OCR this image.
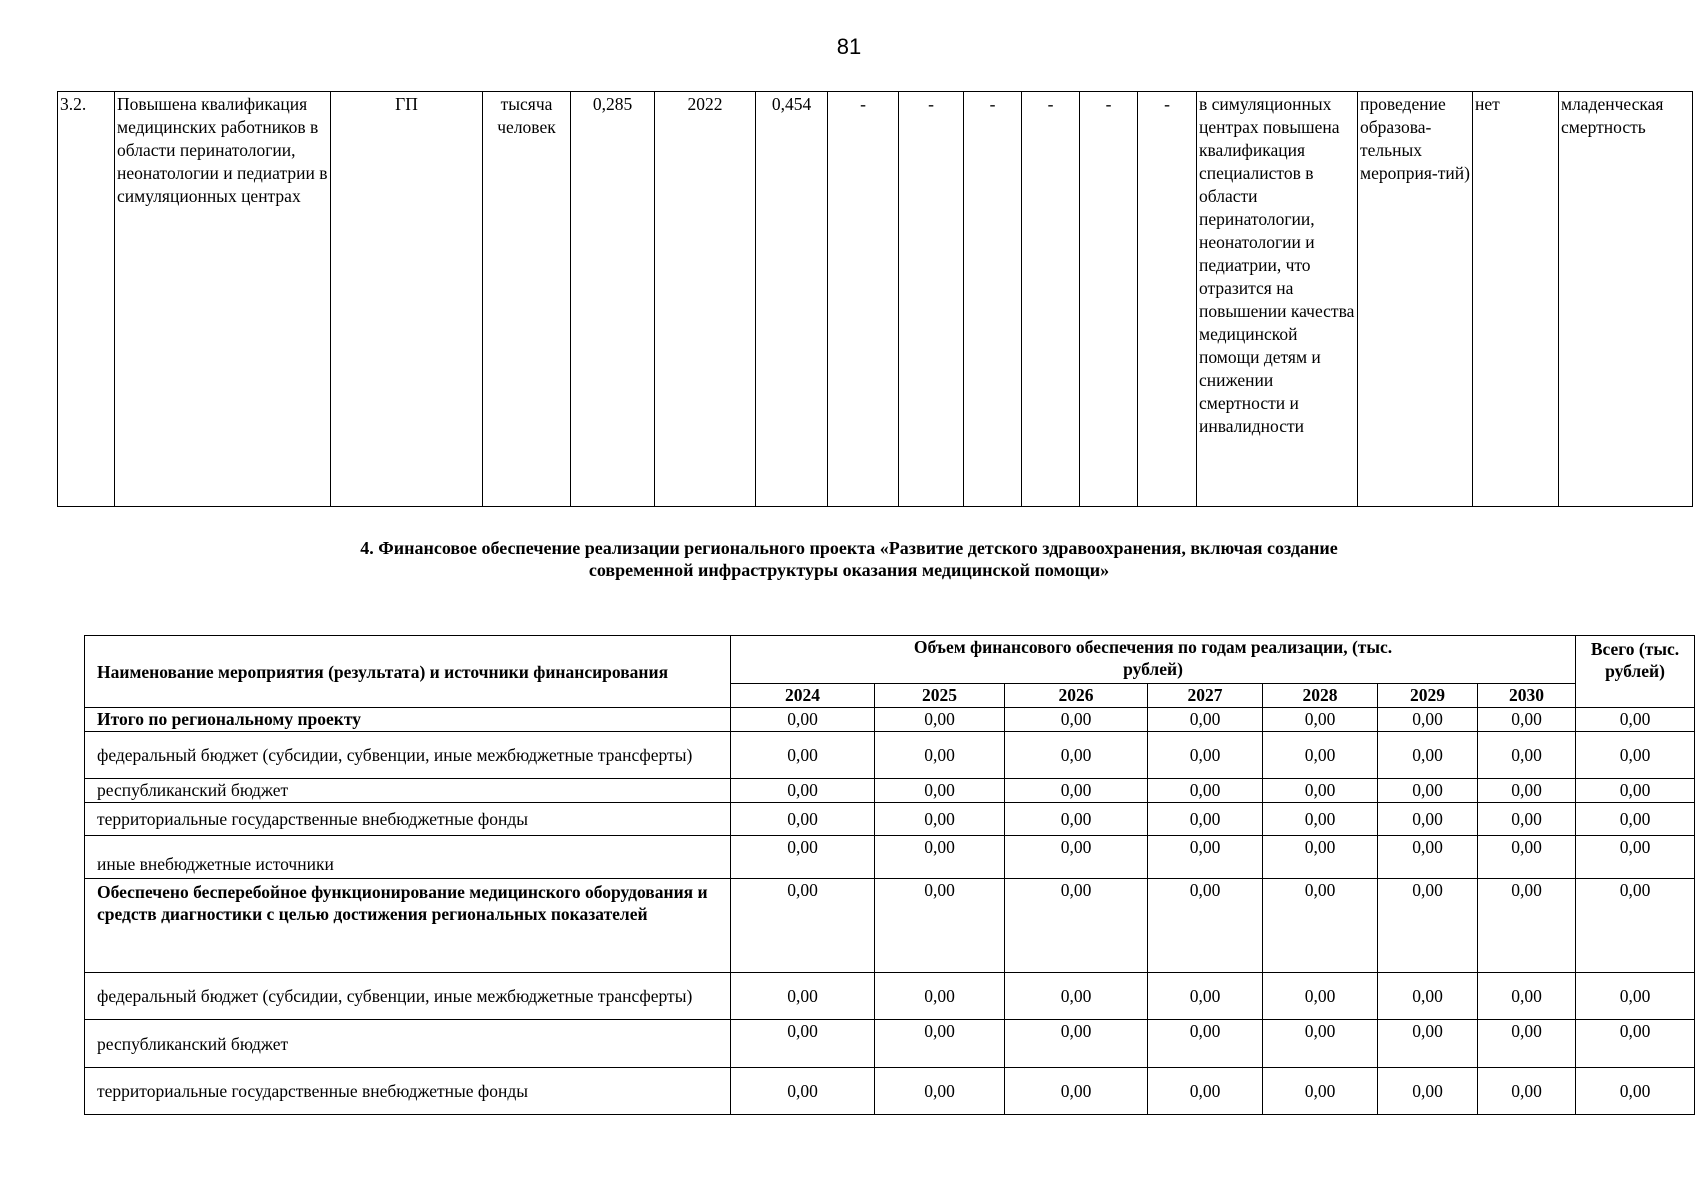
81
3.2.	Повышена квалификация медицинских работников в области перинатологии, неонатологии и педиатрии в симуляционных центрах	ГП	тысяча человек	0,285	2022	0,454	-	-	-	-	-	-	в симуляционных центрах повышена квалификация специалистов в области перинатологии, неонатологии и педиатрии, что отразится на повышении качества медицинской помощи детям и снижении смертности и инвалидности	проведение образова-тельных мероприя-тий)	нет	младенческая смертность
4. Финансовое обеспечение реализации регионального проекта «Развитие детского здравоохранения, включая создание
современной инфраструктуры оказания медицинской помощи»
Наименование мероприятия (результата) и источники финансирования	Объем финансового обеспечения по годам реализации, (тыс. рублей)							Всего (тыс. рублей)
	2024	2025	2026	2027	2028	2029	2030	
Итого по региональному проекту	0,00	0,00	0,00	0,00	0,00	0,00	0,00	0,00
федеральный бюджет (субсидии, субвенции, иные межбюджетные трансферты)	0,00	0,00	0,00	0,00	0,00	0,00	0,00	0,00
республиканский бюджет	0,00	0,00	0,00	0,00	0,00	0,00	0,00	0,00
территориальные государственные внебюджетные фонды	0,00	0,00	0,00	0,00	0,00	0,00	0,00	0,00
иные внебюджетные источники	0,00	0,00	0,00	0,00	0,00	0,00	0,00	0,00
Обеспечено бесперебойное функционирование медицинского оборудования и средств диагностики с целью достижения региональных показателей	0,00	0,00	0,00	0,00	0,00	0,00	0,00	0,00
федеральный бюджет (субсидии, субвенции, иные межбюджетные трансферты)	0,00	0,00	0,00	0,00	0,00	0,00	0,00	0,00
республиканский бюджет	0,00	0,00	0,00	0,00	0,00	0,00	0,00	0,00
территориальные государственные внебюджетные фонды	0,00	0,00	0,00	0,00	0,00	0,00	0,00	0,00
